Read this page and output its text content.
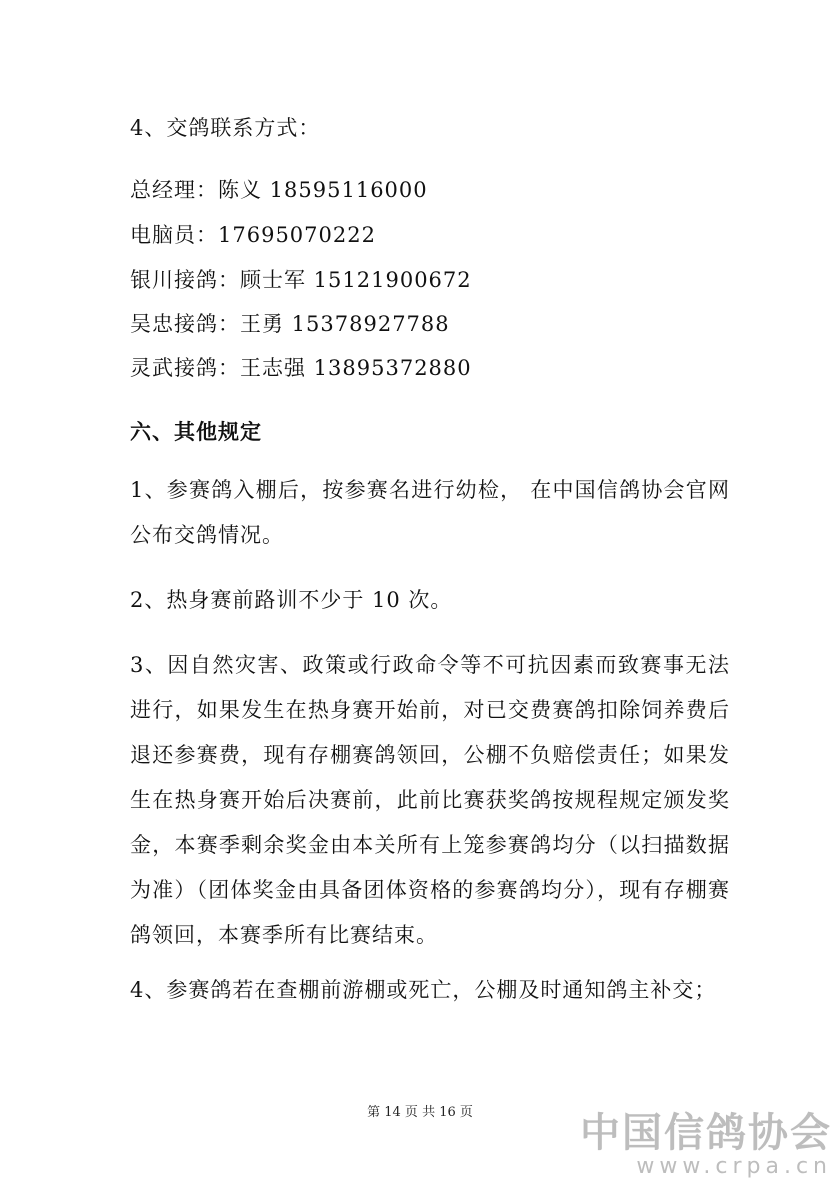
4、交鸽联系方式：
总经理：陈义 18595116000
电脑员：17695070222
银川接鸽：顾士军 15121900672
吴忠接鸽：王勇 15378927788
灵武接鸽：王志强 13895372880
六、其他规定
1、参赛鸽入棚后，按参赛名进行幼检， 在中国信鸽协会官网公布交鸽情况。
2、热身赛前路训不少于 10 次。
3、因自然灾害、政策或行政命令等不可抗因素而致赛事无法进行，如果发生在热身赛开始前，对已交费赛鸽扣除饲养费后退还参赛费，现有存棚赛鸽领回，公棚不负赔偿责任；如果发生在热身赛开始后决赛前，此前比赛获奖鸽按规程规定颁发奖金，本赛季剩余奖金由本关所有上笼参赛鸽均分（以扫描数据为准）（团体奖金由具备团体资格的参赛鸽均分），现有存棚赛鸽领回，本赛季所有比赛结束。
4、参赛鸽若在查棚前游棚或死亡，公棚及时通知鸽主补交；
第 14 页 共 16 页	中国信鸽协会
www.crpa.cn
